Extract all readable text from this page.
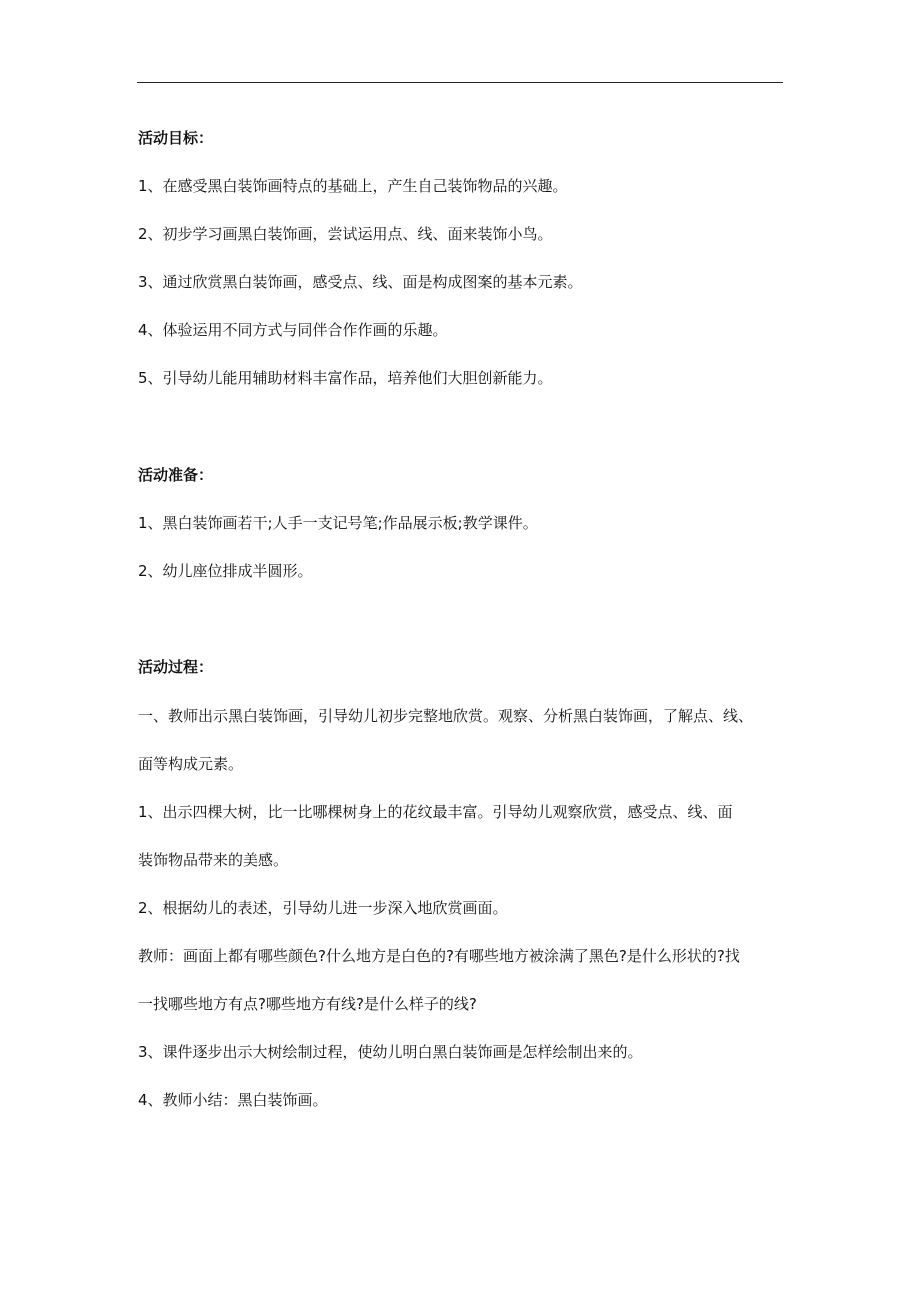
活动目标：
1、在感受黑白装饰画特点的基础上，产生自己装饰物品的兴趣。
2、初步学习画黑白装饰画，尝试运用点、线、面来装饰小鸟。
3、通过欣赏黑白装饰画，感受点、线、面是构成图案的基本元素。
4、体验运用不同方式与同伴合作作画的乐趣。
5、引导幼儿能用辅助材料丰富作品，培养他们大胆创新能力。
活动准备：
1、黑白装饰画若干;人手一支记号笔;作品展示板;教学课件。
2、幼儿座位排成半圆形。
活动过程：
一、教师出示黑白装饰画，引导幼儿初步完整地欣赏。观察、分析黑白装饰画，了解点、线、
面等构成元素。
1、出示四棵大树，比一比哪棵树身上的花纹最丰富。引导幼儿观察欣赏，感受点、线、面
装饰物品带来的美感。
2、根据幼儿的表述，引导幼儿进一步深入地欣赏画面。
教师：画面上都有哪些颜色?什么地方是白色的?有哪些地方被涂满了黑色?是什么形状的?找
一找哪些地方有点?哪些地方有线?是什么样子的线?
3、课件逐步出示大树绘制过程，使幼儿明白黑白装饰画是怎样绘制出来的。
4、教师小结：黑白装饰画。
